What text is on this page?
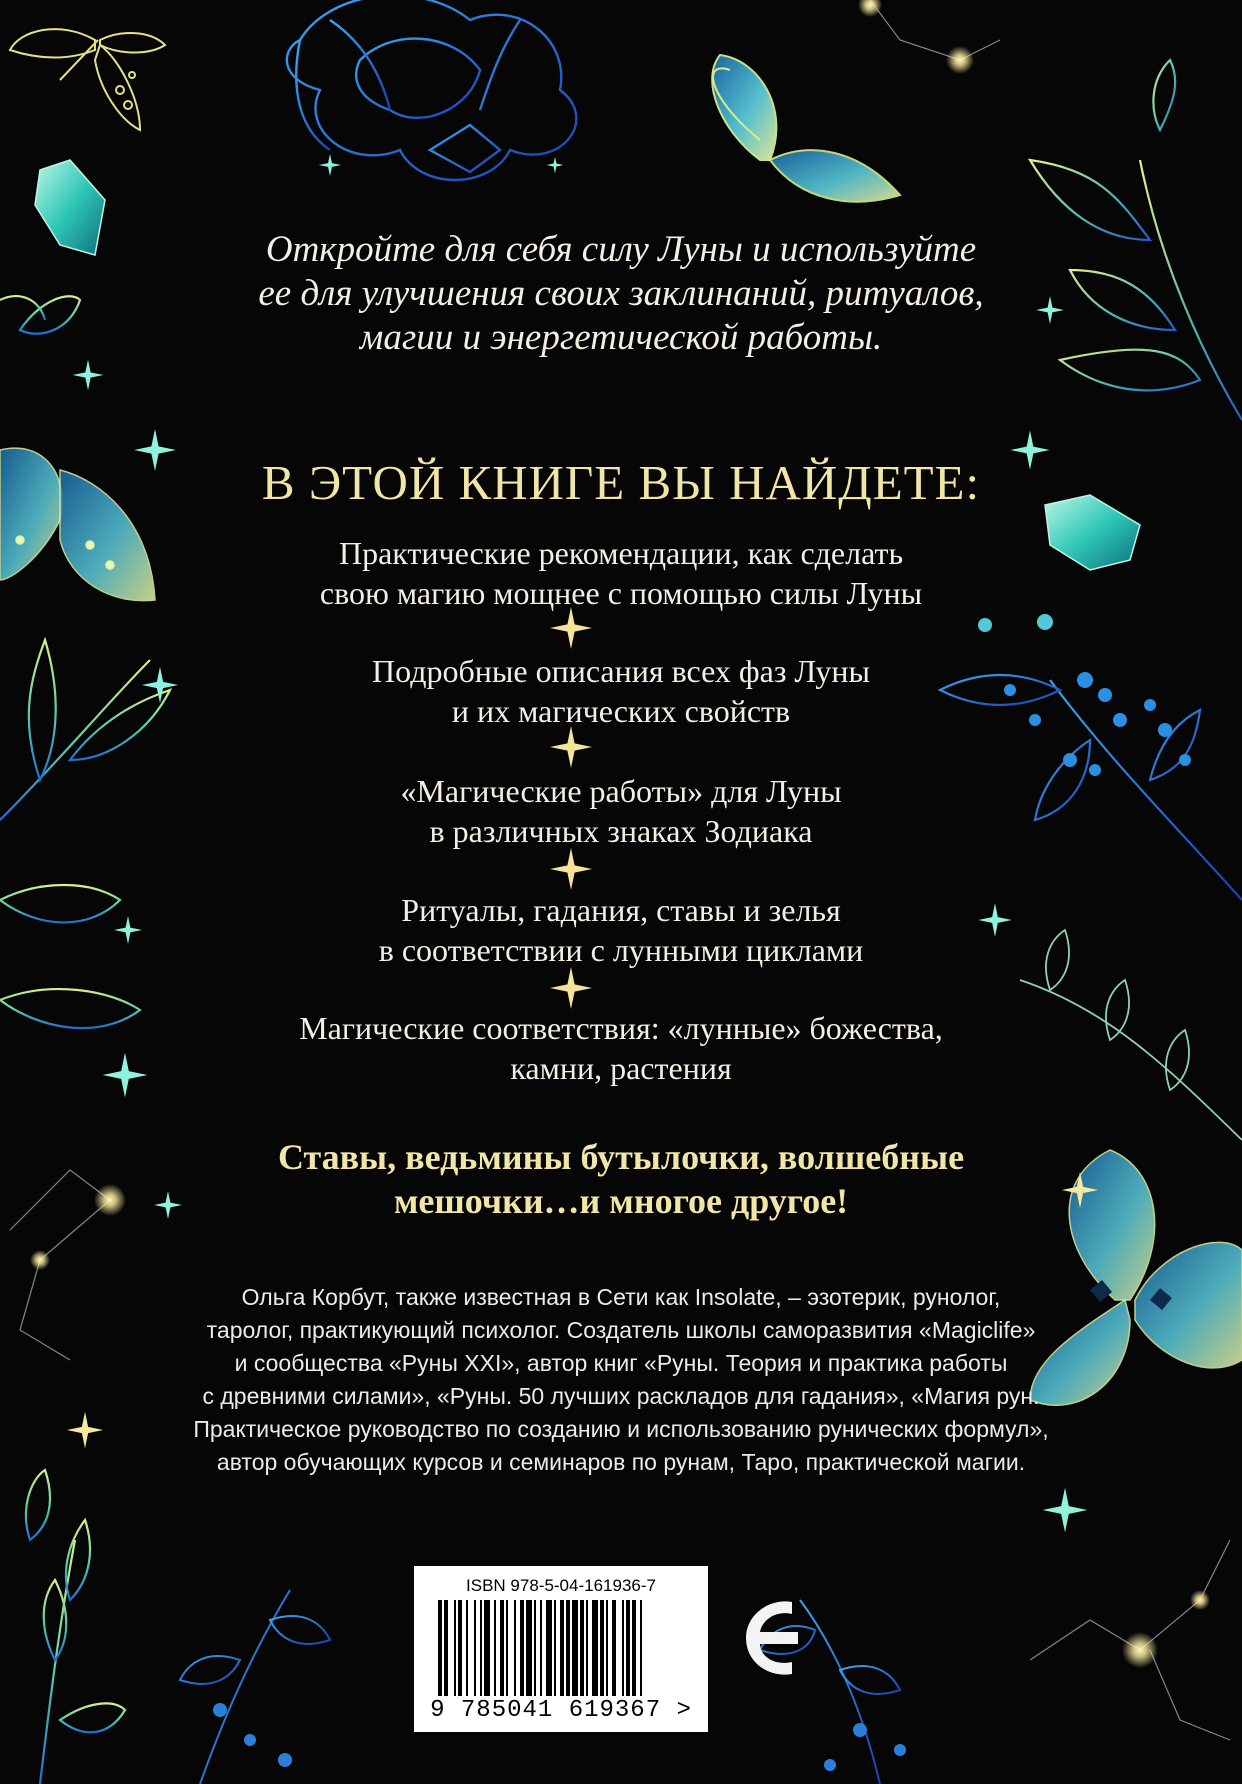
Откройте для себя силу Луны и используйте
ее для улучшения своих заклинаний, ритуалов,
магии и энергетической работы.
В ЭТОЙ КНИГЕ ВЫ НАЙДЕТЕ:
Практические рекомендации, как сделать
свою магию мощнее с помощью силы Луны
Подробные описания всех фаз Луны
и их магических свойств
«Магические работы» для Луны
в различных знаках Зодиака
Ритуалы, гадания, ставы и зелья
в соответствии с лунными циклами
Магические соответствия: «лунные» божества,
камни, растения
Ставы, ведьмины бутылочки, волшебные
мешочки…и многое другое!
Ольга Корбут, также известная в Сети как Insolate, – эзотерик, рунолог,
таролог, практикующий психолог. Создатель школы саморазвития «Magiclife»
и сообщества «Руны XXI», автор книг «Руны. Теория и практика работы
с древними силами», «Руны. 50 лучших раскладов для гадания», «Магия рун.
Практическое руководство по созданию и использованию рунических формул»,
автор обучающих курсов и семинаров по рунам, Таро, практической магии.
ISBN 978-5-04-161936-7
9 785041 619367 >
